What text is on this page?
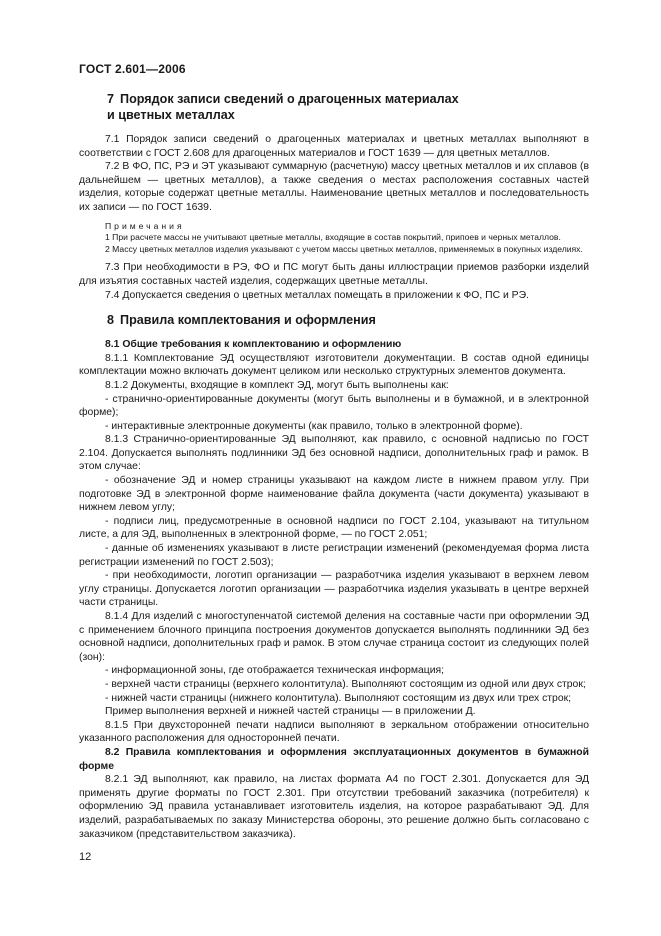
ГОСТ 2.601—2006
7 Порядок записи сведений о драгоценных материалах
и цветных металлах

7.1 Порядок записи сведений о драгоценных материалах и цветных металлах выполняют в соответствии с ГОСТ 2.608 для драгоценных материалов и ГОСТ 1639 — для цветных металлов.

7.2 В ФО, ПС, РЭ и ЭТ указывают суммарную (расчетную) массу цветных металлов и их сплавов (в дальнейшем — цветных металлов), а также сведения о местах расположения составных частей изделия, которые содержат цветные металлы. Наименование цветных металлов и последовательность их записи — по ГОСТ 1639.

Примечания

1 При расчете массы не учитывают цветные металлы, входящие в состав покрытий, припоев и черных металлов.

2 Массу цветных металлов изделия указывают с учетом массы цветных металлов, применяемых в покупных изделиях.

7.3 При необходимости в РЭ, ФО и ПС могут быть даны иллюстрации приемов разборки изделий для изъятия составных частей изделия, содержащих цветные металлы.

7.4 Допускается сведения о цветных металлах помещать в приложении к ФО, ПС и РЭ.

8 Правила комплектования и оформления

8.1 Общие требования к комплектованию и оформлению

8.1.1 Комплектование ЭД осуществляют изготовители документации. В состав одной единицы комплектации можно включать документ целиком или несколько структурных элементов документа.

8.1.2 Документы, входящие в комплект ЭД, могут быть выполнены как:

- странично-ориентированные документы (могут быть выполнены и в бумажной, и в электронной форме);

- интерактивные электронные документы (как правило, только в электронной форме).

8.1.3 Странично-ориентированные ЭД выполняют, как правило, с основной надписью по ГОСТ 2.104. Допускается выполнять подлинники ЭД без основной надписи, дополнительных граф и рамок. В этом случае:

- обозначение ЭД и номер страницы указывают на каждом листе в нижнем правом углу. При подготовке ЭД в электронной форме наименование файла документа (части документа) указывают в нижнем левом углу;

- подписи лиц, предусмотренные в основной надписи по ГОСТ 2.104, указывают на титульном листе, а для ЭД, выполненных в электронной форме, — по ГОСТ 2.051;

- данные об изменениях указывают в листе регистрации изменений (рекомендуемая форма листа регистрации изменений по ГОСТ 2.503);

- при необходимости, логотип организации — разработчика изделия указывают в верхнем левом углу страницы. Допускается логотип организации — разработчика изделия указывать в центре верхней части страницы.

8.1.4 Для изделий с многоступенчатой системой деления на составные части при оформлении ЭД с применением блочного принципа построения документов допускается выполнять подлинники ЭД без основной надписи, дополнительных граф и рамок. В этом случае страница состоит из следующих полей (зон):

- информационной зоны, где отображается техническая информация;

- верхней части страницы (верхнего колонтитула). Выполняют состоящим из одной или двух строк;

- нижней части страницы (нижнего колонтитула). Выполняют состоящим из двух или трех строк;

Пример выполнения верхней и нижней частей страницы — в приложении Д.

8.1.5 При двухсторонней печати надписи выполняют в зеркальном отображении относительно указанного расположения для односторонней печати.

8.2 Правила комплектования и оформления эксплуатационных документов в бумажной форме

8.2.1 ЭД выполняют, как правило, на листах формата А4 по ГОСТ 2.301. Допускается для ЭД применять другие форматы по ГОСТ 2.301. При отсутствии требований заказчика (потребителя) к оформлению ЭД правила устанавливает изготовитель изделия, на которое разрабатывают ЭД. Для изделий, разрабатываемых по заказу Министерства обороны, это решение должно быть согласовано с заказчиком (представительством заказчика).

12
